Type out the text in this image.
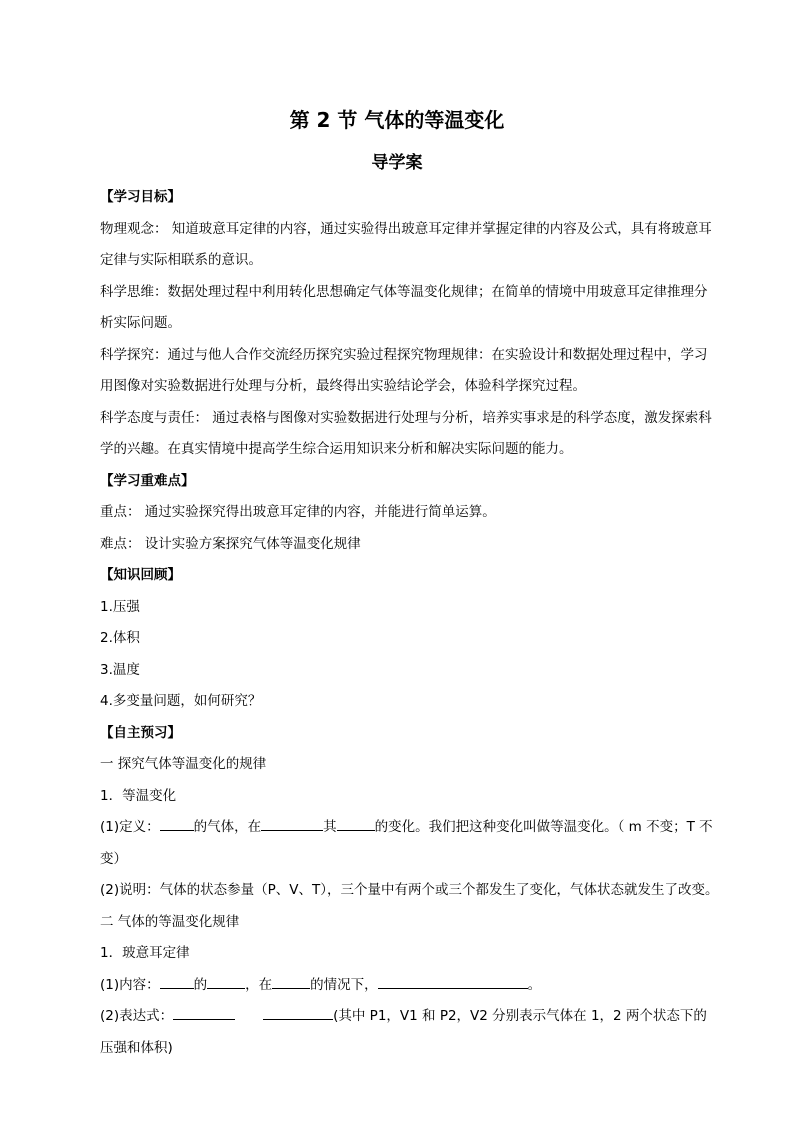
第 2 节 气体的等温变化
导学案

【学习目标】

物理观念： 知道玻意耳定律的内容，通过实验得出玻意耳定律并掌握定律的内容及公式，具有将玻意耳定律与实际相联系的意识。

科学思维：数据处理过程中利用转化思想确定气体等温变化规律；在简单的情境中用玻意耳定律推理分析实际问题。

科学探究：通过与他人合作交流经历探究实验过程探究物理规律：在实验设计和数据处理过程中，学习用图像对实验数据进行处理与分析，最终得出实验结论学会，体验科学探究过程。

科学态度与责任： 通过表格与图像对实验数据进行处理与分析，培养实事求是的科学态度，激发探索科学的兴趣。在真实情境中提高学生综合运用知识来分析和解决实际问题的能力。

【学习重难点】

重点： 通过实验探究得出玻意耳定律的内容，并能进行简单运算。

难点： 设计实验方案探究气体等温变化规律

【知识回顾】

1.压强

2.体积

3.温度

4.多变量问题，如何研究？

【自主预习】

一 探究气体等温变化的规律

1．等温变化

(1)定义：	的气体，在	其	的变化。我们把这种变化叫做等温变化。（ m 不变；T 不变）

(2)说明：气体的状态参量（P、V、T），三个量中有两个或三个都发生了变化，气体状态就发生了改变。

二 气体的等温变化规律

1．玻意耳定律

(1)内容：	的	，在	的情况下，	。

(2)表达式：	(其中 P1，V1 和 P2，V2 分别表示气体在 1，2 两个状态下的压强和体积)
